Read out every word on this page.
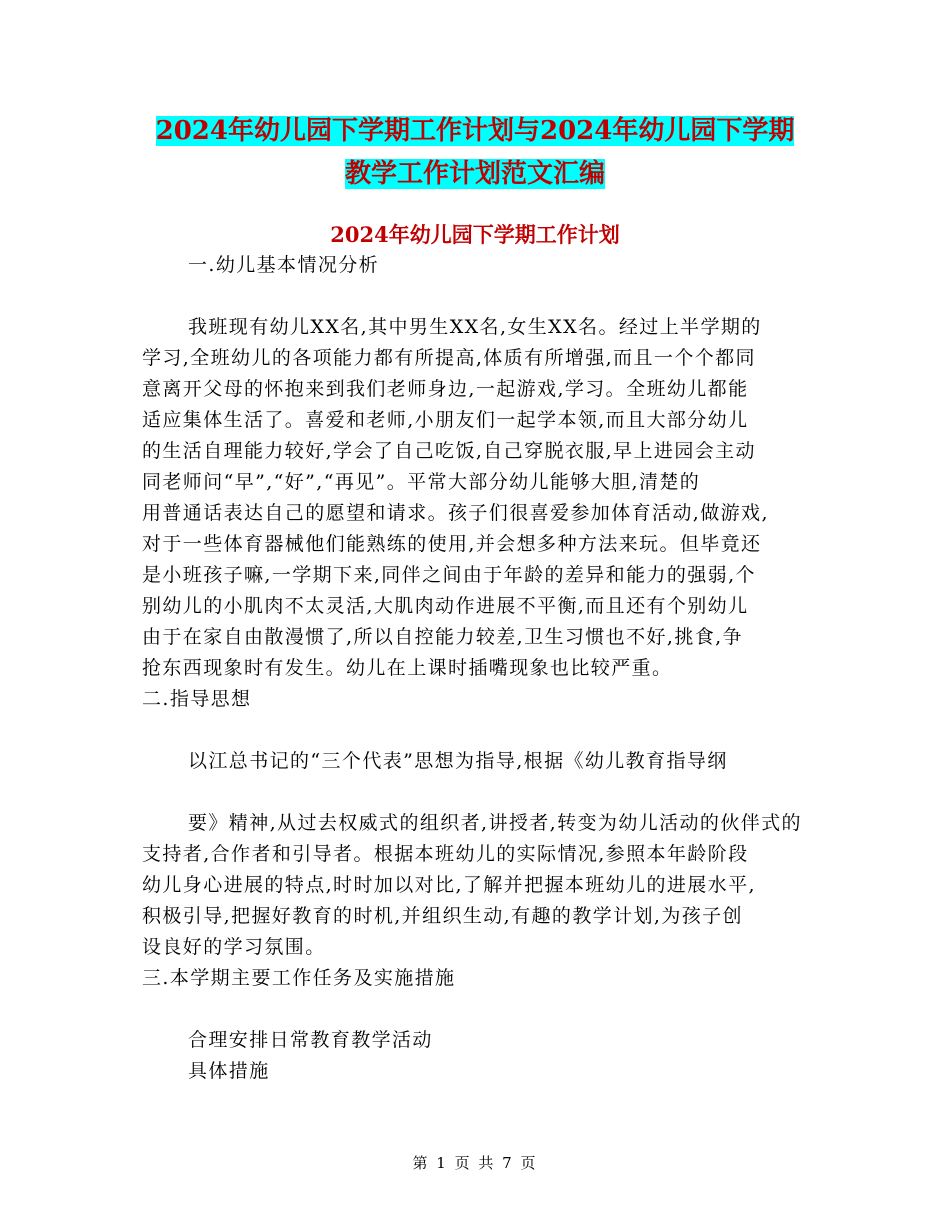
2024年幼儿园下学期工作计划与2024年幼儿园下学期
教学工作计划范文汇编
2024年幼儿园下学期工作计划
一.幼儿基本情况分析
我班现有幼儿XX名,其中男生XX名,女生XX名。经过上半学期的
学习,全班幼儿的各项能力都有所提高,体质有所增强,而且一个个都同
意离开父母的怀抱来到我们老师身边,一起游戏,学习。全班幼儿都能
适应集体生活了。喜爱和老师,小朋友们一起学本领,而且大部分幼儿
的生活自理能力较好,学会了自己吃饭,自己穿脱衣服,早上进园会主动
同老师问“早”,“好”,“再见”。平常大部分幼儿能够大胆,清楚的
用普通话表达自己的愿望和请求。孩子们很喜爱参加体育活动,做游戏,
对于一些体育器械他们能熟练的使用,并会想多种方法来玩。但毕竟还
是小班孩子嘛,一学期下来,同伴之间由于年龄的差异和能力的强弱,个
别幼儿的小肌肉不太灵活,大肌肉动作进展不平衡,而且还有个别幼儿
由于在家自由散漫惯了,所以自控能力较差,卫生习惯也不好,挑食,争
抢东西现象时有发生。幼儿在上课时插嘴现象也比较严重。
二.指导思想
以江总书记的“三个代表”思想为指导,根据《幼儿教育指导纲
要》精神,从过去权威式的组织者,讲授者,转变为幼儿活动的伙伴式的
支持者,合作者和引导者。根据本班幼儿的实际情况,参照本年龄阶段
幼儿身心进展的特点,时时加以对比,了解并把握本班幼儿的进展水平,
积极引导,把握好教育的时机,并组织生动,有趣的教学计划,为孩子创
设良好的学习氛围。
三.本学期主要工作任务及实施措施
合理安排日常教育教学活动
具体措施
第 1 页 共 7 页
